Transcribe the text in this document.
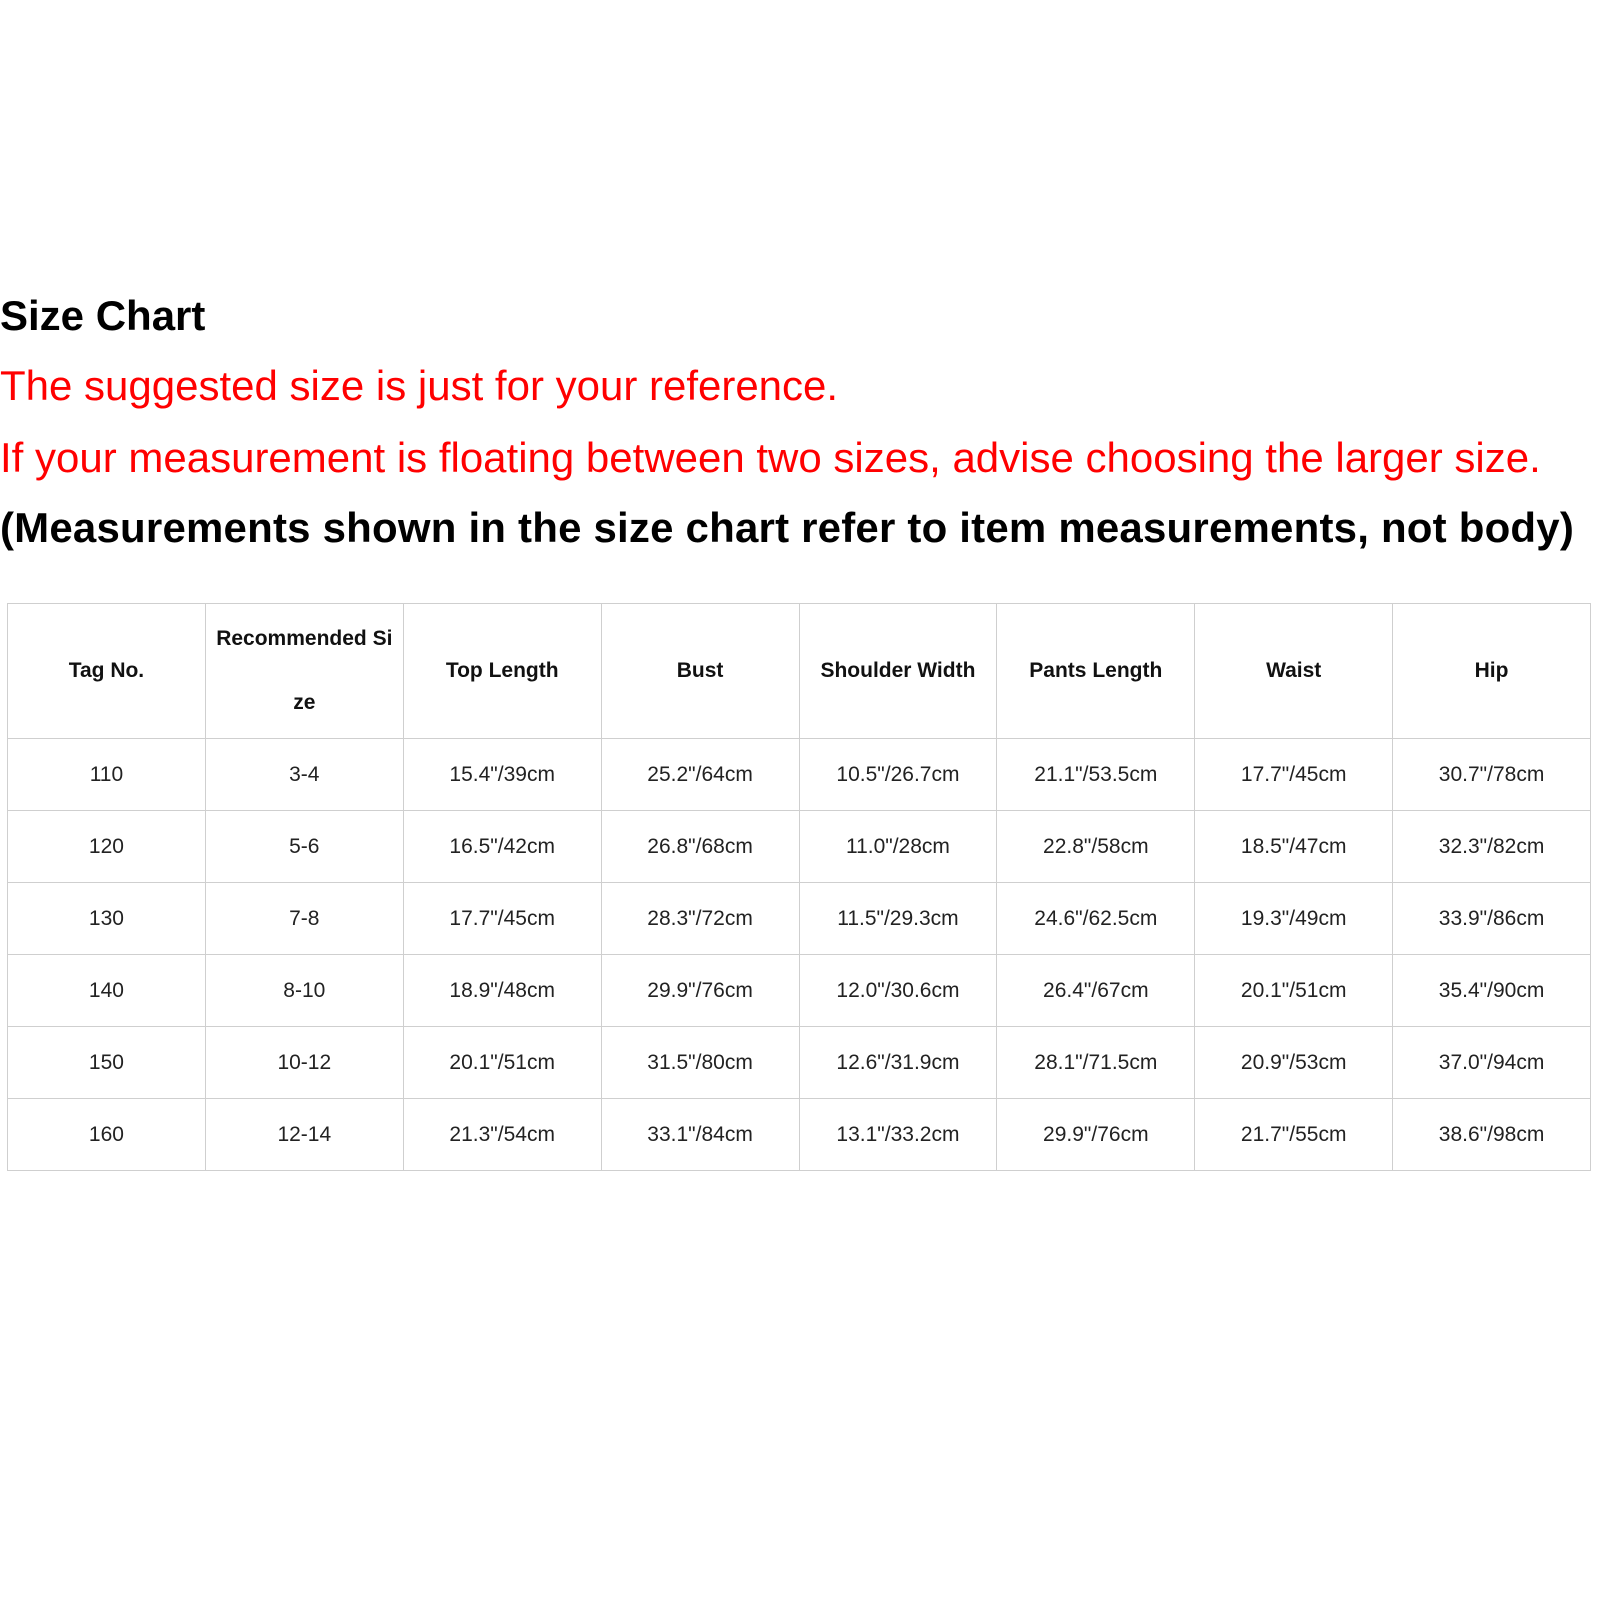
Size Chart
The suggested size is just for your reference.
If your measurement is floating between two sizes, advise choosing the larger size.
(Measurements shown in the size chart refer to item measurements, not body)
Tag No.	Recommended Size	Top Length	Bust	Shoulder Width	Pants Length	Waist	Hip
110	3-4	15.4"/39cm	25.2"/64cm	10.5"/26.7cm	21.1"/53.5cm	17.7"/45cm	30.7"/78cm
120	5-6	16.5"/42cm	26.8"/68cm	11.0"/28cm	22.8"/58cm	18.5"/47cm	32.3"/82cm
130	7-8	17.7"/45cm	28.3"/72cm	11.5"/29.3cm	24.6"/62.5cm	19.3"/49cm	33.9"/86cm
140	8-10	18.9"/48cm	29.9"/76cm	12.0"/30.6cm	26.4"/67cm	20.1"/51cm	35.4"/90cm
150	10-12	20.1"/51cm	31.5"/80cm	12.6"/31.9cm	28.1"/71.5cm	20.9"/53cm	37.0"/94cm
160	12-14	21.3"/54cm	33.1"/84cm	13.1"/33.2cm	29.9"/76cm	21.7"/55cm	38.6"/98cm
